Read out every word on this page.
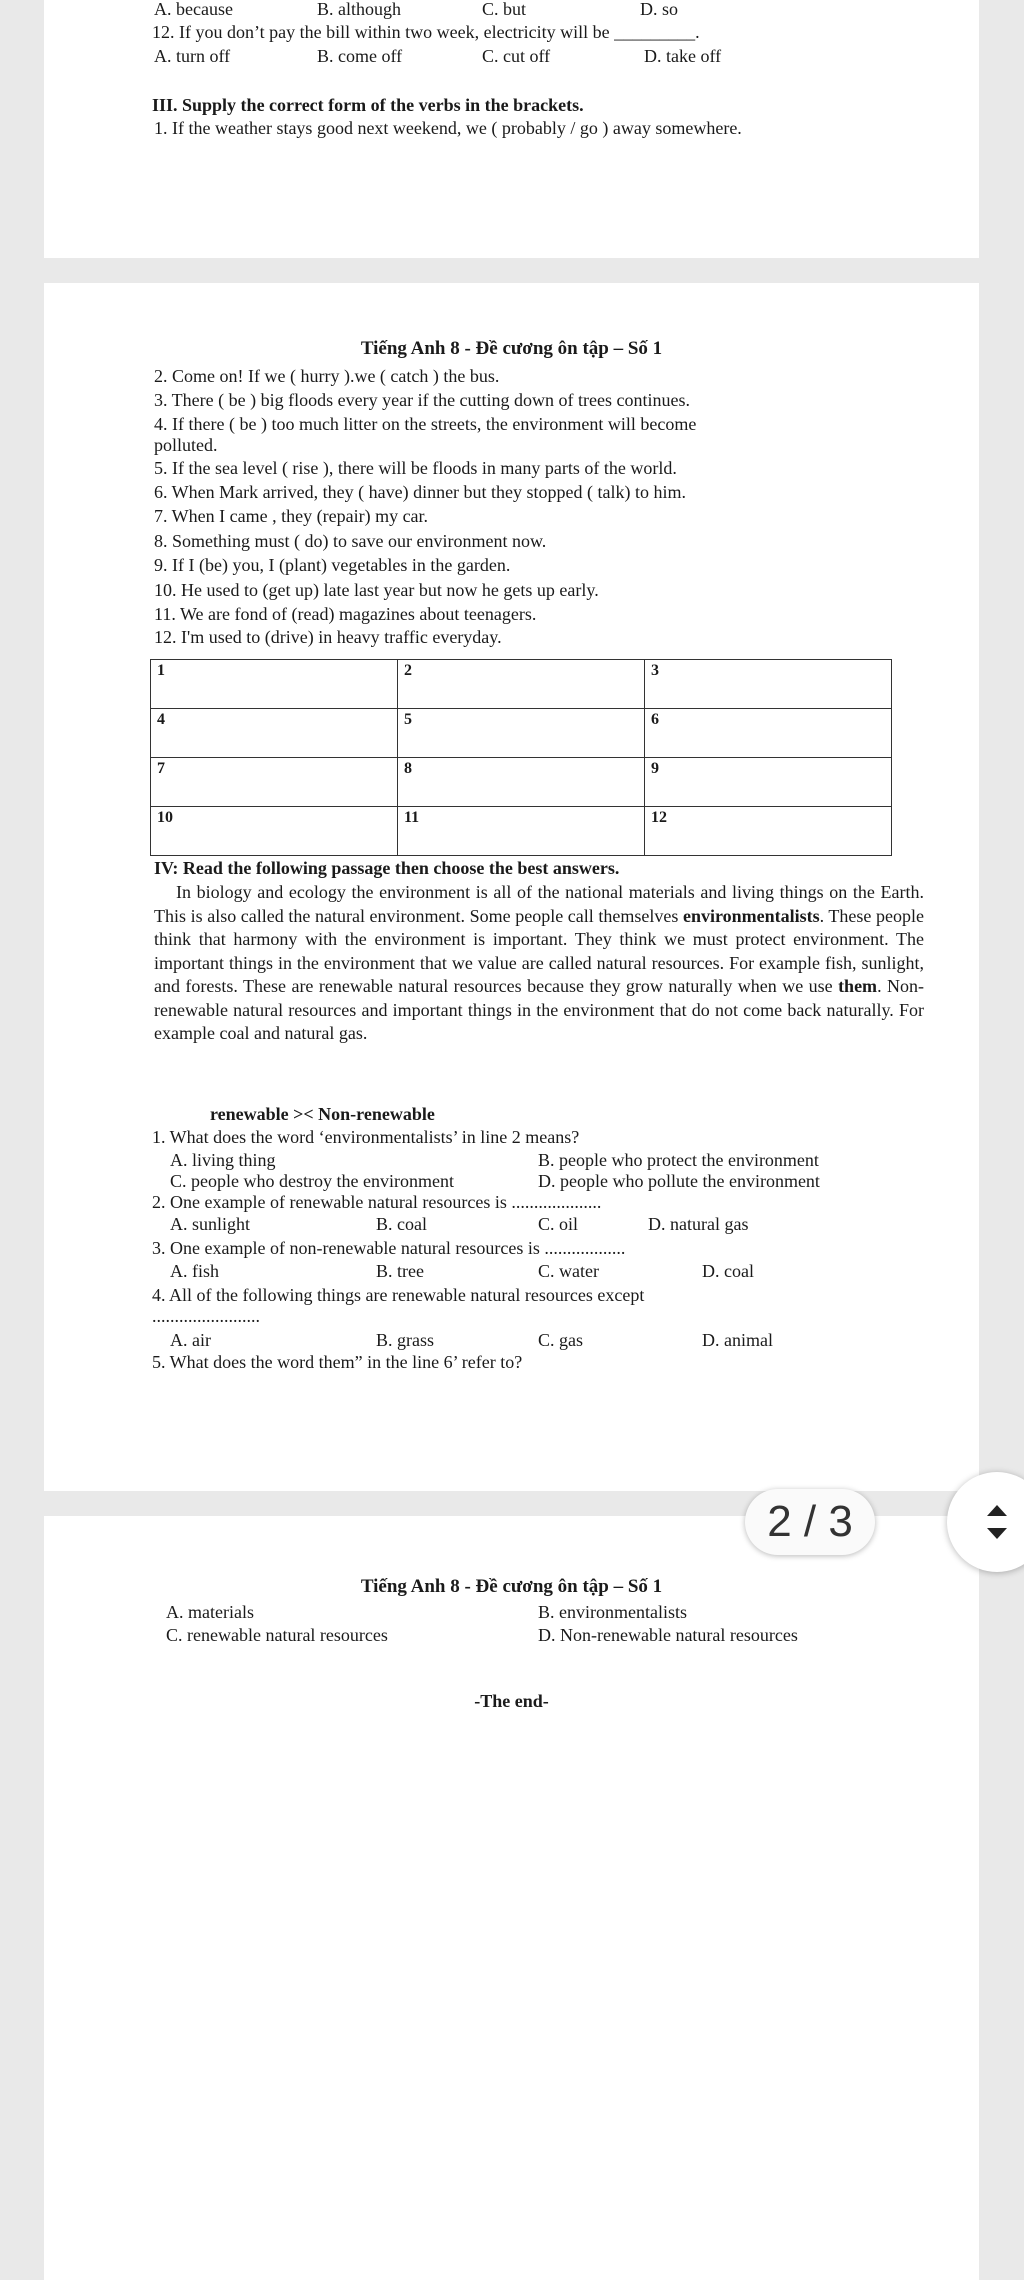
A. because	B. although	C. but	D. so
12. If you don’t pay the bill within two week, electricity will be _________.
A. turn off	B. come off	C. cut off	D. take off
III. Supply the correct form of the verbs in the brackets.
1. If the weather stays good next weekend, we ( probably / go ) away somewhere.
Tiếng Anh 8 - Đề cương ôn tập – Số 1
2. Come on! If we ( hurry ).we ( catch ) the bus.
3. There ( be ) big floods every year if the cutting down of trees continues.
4. If there ( be ) too much litter on the streets, the environment will become
polluted.
5. If the sea level ( rise ), there will be floods in many parts of the world.
6. When Mark arrived, they ( have) dinner but they stopped ( talk) to him.
7. When I came , they (repair) my car.
8. Something must ( do) to save our environment now.
9. If I (be) you, I (plant) vegetables in the garden.
10. He used to (get up) late last year but now he gets up early.
11. We are fond of (read) magazines about teenagers.
12. I'm used to (drive) in heavy traffic everyday.
1	2	3
4	5	6
7	8	9
10	11	12
IV: Read the following passage then choose the best answers.
In biology and ecology the environment is all of the national materials and living things on the Earth. This is also called the natural environment. Some people call themselves environmentalists. These people think that harmony with the environment is important. They think we must protect environment. The important things in the environment that we value are called natural resources. For example fish, sunlight, and forests. These are renewable natural resources because they grow naturally when we use them. Non-renewable natural resources and important things in the environment that do not come back naturally. For example coal and natural gas.
renewable >< Non-renewable
1. What does the word ‘environmentalists’ in line 2 means?
A. living thing	B. people who protect the environment
C. people who destroy the environment	D. people who pollute the environment
2. One example of renewable natural resources is ....................
A. sunlight	B. coal	C. oil	D. natural gas
3. One example of non-renewable natural resources is ..................
A. fish	B. tree	C. water	D. coal
4. All of the following things are renewable natural resources except
........................
A. air	B. grass	C. gas	D. animal
5. What does the word them” in the line 6’ refer to?
Tiếng Anh 8 - Đề cương ôn tập – Số 1
A. materials	B. environmentalists
C. renewable natural resources	D. Non-renewable natural resources
-The end-
2 / 3
